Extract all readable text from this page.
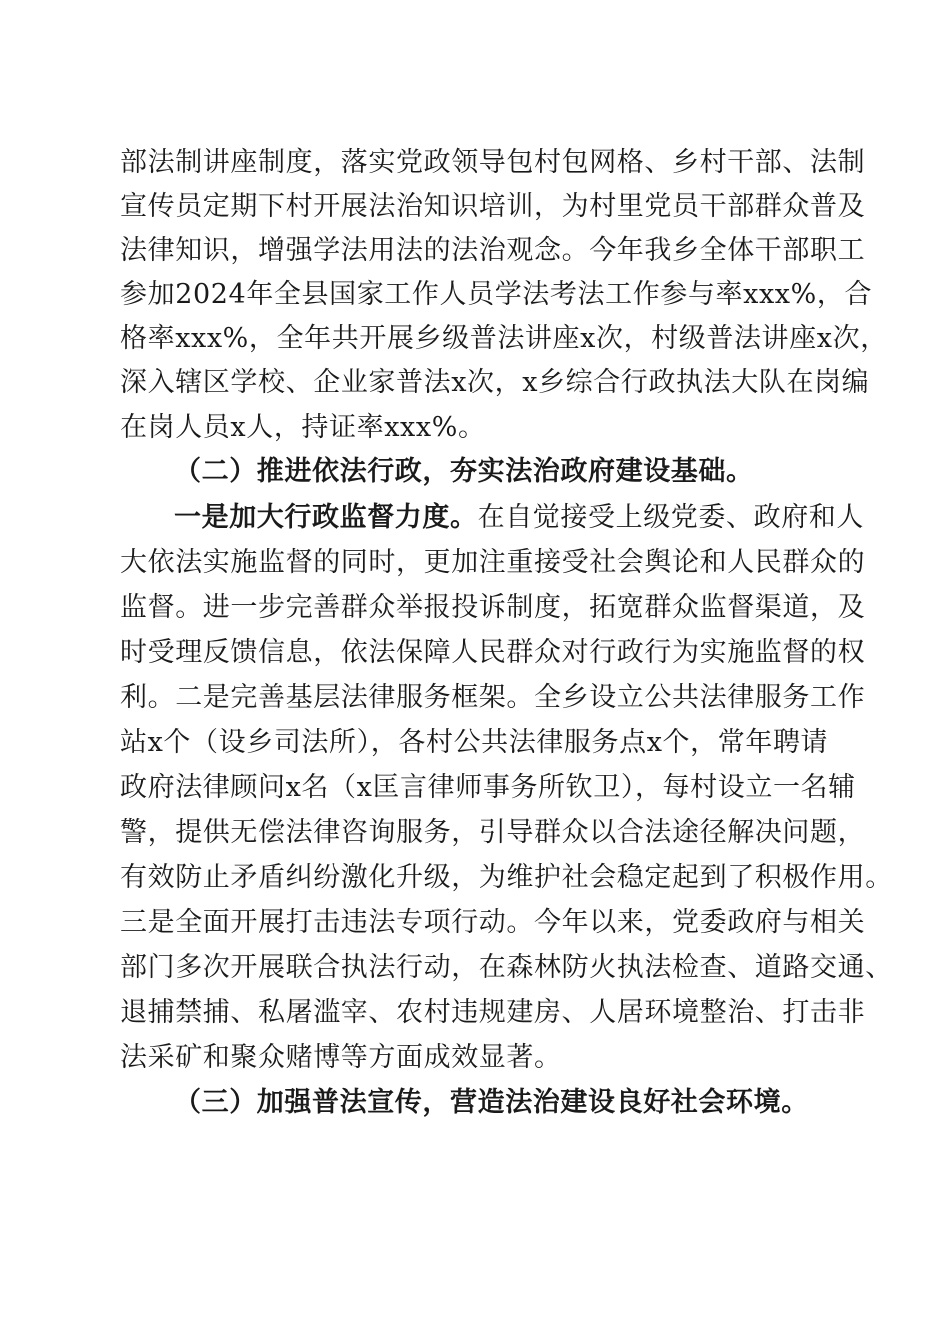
部法制讲座制度，落实党政领导包村包网格、乡村干部、法制
宣传员定期下村开展法治知识培训，为村里党员干部群众普及
法律知识，增强学法用法的法治观念。今年我乡全体干部职工
参加2024年全县国家工作人员学法考法工作参与率xxx%，合
格率xxx%，全年共开展乡级普法讲座x次，村级普法讲座x次，
深入辖区学校、企业家普法x次，x乡综合行政执法大队在岗编
在岗人员x人，持证率xxx%。
（二）推进依法行政，夯实法治政府建设基础。
一是加大行政监督力度。在自觉接受上级党委、政府和人
大依法实施监督的同时，更加注重接受社会舆论和人民群众的
监督。进一步完善群众举报投诉制度，拓宽群众监督渠道，及
时受理反馈信息，依法保障人民群众对行政行为实施监督的权
利。二是完善基层法律服务框架。全乡设立公共法律服务工作
站x个（设乡司法所），各村公共法律服务点x个，常年聘请
政府法律顾问x名（x匡言律师事务所钦卫），每村设立一名辅
警，提供无偿法律咨询服务，引导群众以合法途径解决问题，
有效防止矛盾纠纷激化升级，为维护社会稳定起到了积极作用。
三是全面开展打击违法专项行动。今年以来，党委政府与相关
部门多次开展联合执法行动，在森林防火执法检查、道路交通、
退捕禁捕、私屠滥宰、农村违规建房、人居环境整治、打击非
法采矿和聚众赌博等方面成效显著。
（三）加强普法宣传，营造法治建设良好社会环境。
